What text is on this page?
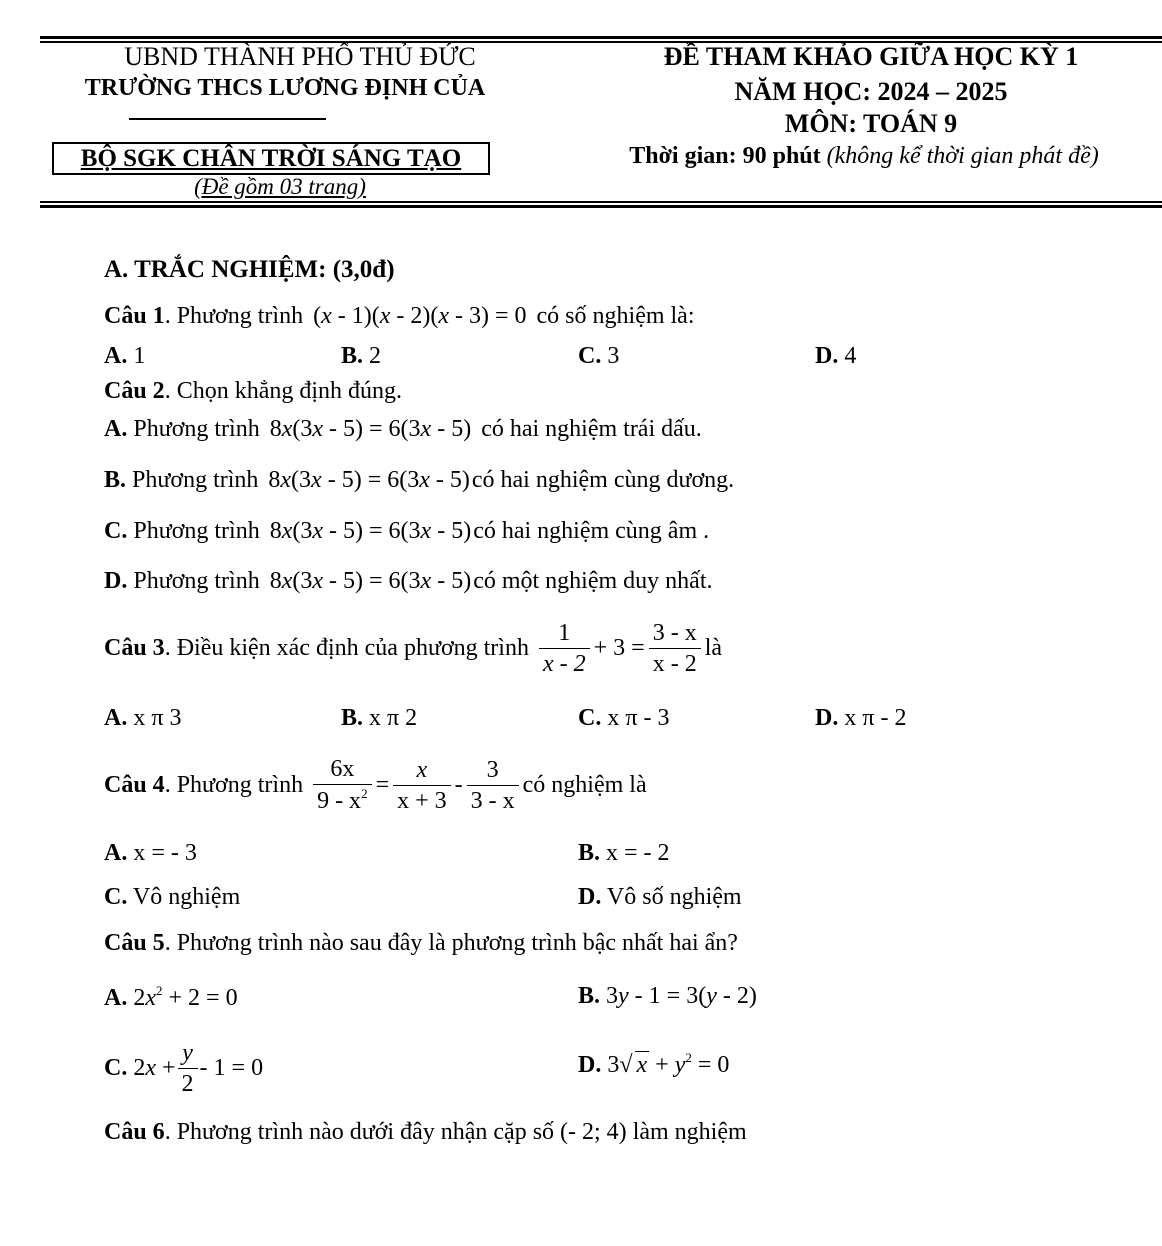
UBND THÀNH PHỐ THỦ ĐỨC
TRƯỜNG THCS LƯƠNG ĐỊNH CỦA
BỘ SGK CHÂN TRỜI SÁNG TẠO
(Đề gồm 03 trang)
ĐỀ THAM KHẢO GIỮA HỌC KỲ 1
NĂM HỌC: 2024 – 2025
MÔN: TOÁN 9
Thời gian: 90 phút (không kể thời gian phát đề)
A. TRẮC NGHIỆM: (3,0đ)
Câu 1. Phương trình (x - 1)(x - 2)(x - 3) = 0 có số nghiệm là:
A. 1	B. 2	C. 3	D. 4
Câu 2. Chọn khẳng định đúng.
A. Phương trình 8x(3x - 5) = 6(3x - 5) có hai nghiệm trái dấu.
B. Phương trình 8x(3x - 5) = 6(3x - 5)có hai nghiệm cùng dương.
C. Phương trình 8x(3x - 5) = 6(3x - 5)có hai nghiệm cùng âm .
D. Phương trình 8x(3x - 5) = 6(3x - 5)có một nghiệm duy nhất.
Câu 3 . Điều kiện xác định của phương trình $\frac{1}{x - 2} + 3 = \frac{3 - x}{x - 2}$ là
A. x π 3	B. x π 2	C. x π - 3	D. x π - 2
Câu 4 . Phương trình $\frac{6x}{9 - x^2} = \frac{x}{x + 3} - \frac{3}{3 - x}$ có nghiệm là
A. x = - 3	B. x = - 2
C. Vô nghiệm	D. Vô số nghiệm
Câu 5. Phương trình nào sau đây là phương trình bậc nhất hai ẩn?
A. $2x^2 + 2 = 0$	B. 3y - 1 = 3(y - 2)
C. $2x + \frac{y}{2} - 1 = 0$	D. 3√ $x + y^2 = 0$
Câu 6. Phương trình nào dưới đây nhận cặp số (- 2; 4) làm nghiệm
